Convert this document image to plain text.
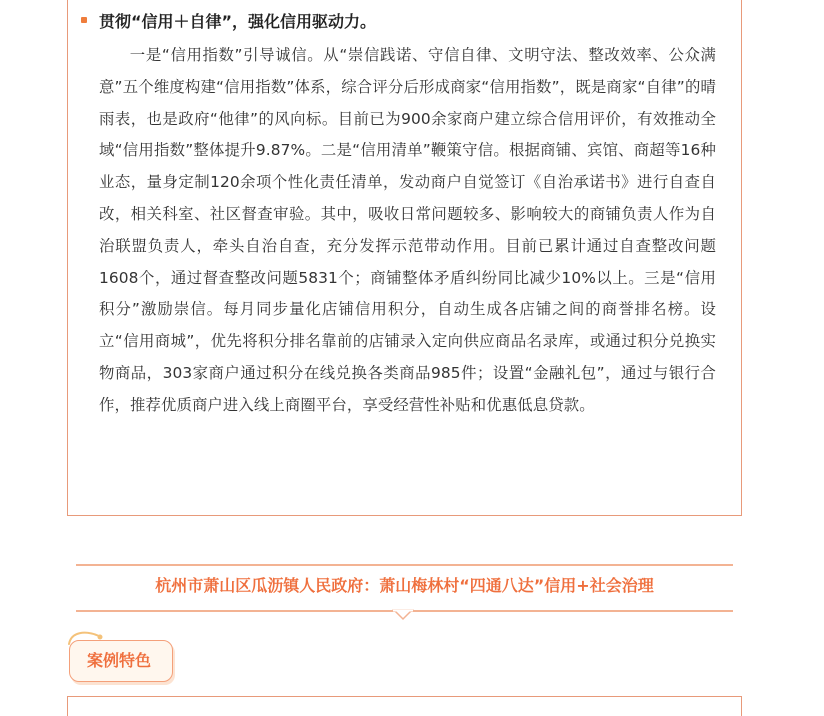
贯彻“信用＋自律”，强化信用驱动力。
一是“信用指数”引导诚信。从“崇信践诺、守信自律、文明守法、整改效率、公众满意”五个维度构建“信用指数”体系，综合评分后形成商家“信用指数”，既是商家“自律”的晴雨表，也是政府“他律”的风向标。目前已为900余家商户建立综合信用评价，有效推动全域“信用指数”整体提升9.87%。二是“信用清单”鞭策守信。根据商铺、宾馆、商超等16种业态，量身定制120余项个性化责任清单，发动商户自觉签订《自治承诺书》进行自查自改，相关科室、社区督查审验。其中，吸收日常问题较多、影响较大的商铺负责人作为自治联盟负责人，牵头自治自查，充分发挥示范带动作用。目前已累计通过自查整改问题1608个，通过督查整改问题5831个；商铺整体矛盾纠纷同比减少10%以上。三是“信用积分”激励崇信。每月同步量化店铺信用积分，自动生成各店铺之间的商誉排名榜。设立“信用商城”，优先将积分排名靠前的店铺录入定向供应商品名录库，或通过积分兑换实物商品，303家商户通过积分在线兑换各类商品985件；设置“金融礼包”，通过与银行合作，推荐优质商户进入线上商圈平台，享受经营性补贴和优惠低息贷款。
杭州市萧山区瓜沥镇人民政府：萧山梅林村“四通八达”信用+社会治理
案例特色
